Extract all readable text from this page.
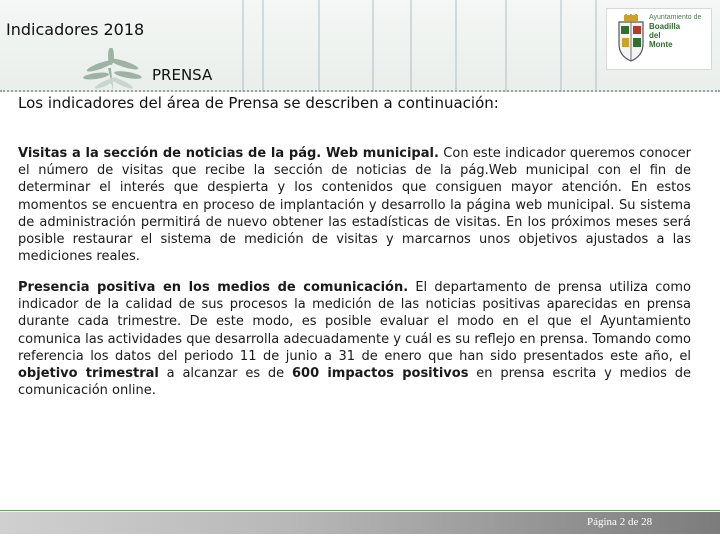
Indicadores 2018
PRENSA
Ayuntamiento de
Boadilla
del
Monte
Los indicadores del área de Prensa se describen a continuación:

Visitas a la sección de noticias de la pág. Web municipal. Con este indicador queremos conocer el número de visitas que recibe la sección de noticias de la pág.Web municipal con el fin de determinar el interés que despierta y los contenidos que consiguen mayor atención. En estos momentos se encuentra en proceso de implantación y desarrollo la página web municipal. Su sistema de administración permitirá de nuevo obtener las estadísticas de visitas. En los próximos meses será posible restaurar el sistema de medición de visitas y marcarnos unos objetivos ajustados a las mediciones reales.

Presencia positiva en los medios de comunicación. El departamento de prensa utiliza como indicador de la calidad de sus procesos la medición de las noticias positivas aparecidas en prensa durante cada trimestre. De este modo, es posible evaluar el modo en el que el Ayuntamiento comunica las actividades que desarrolla adecuadamente y cuál es su reflejo en prensa. Tomando como referencia los datos del periodo 11 de junio a 31 de enero que han sido presentados este año, el objetivo trimestral a alcanzar es de 600 impactos positivos en prensa escrita y medios de comunicación online.

Página 2 de 28
